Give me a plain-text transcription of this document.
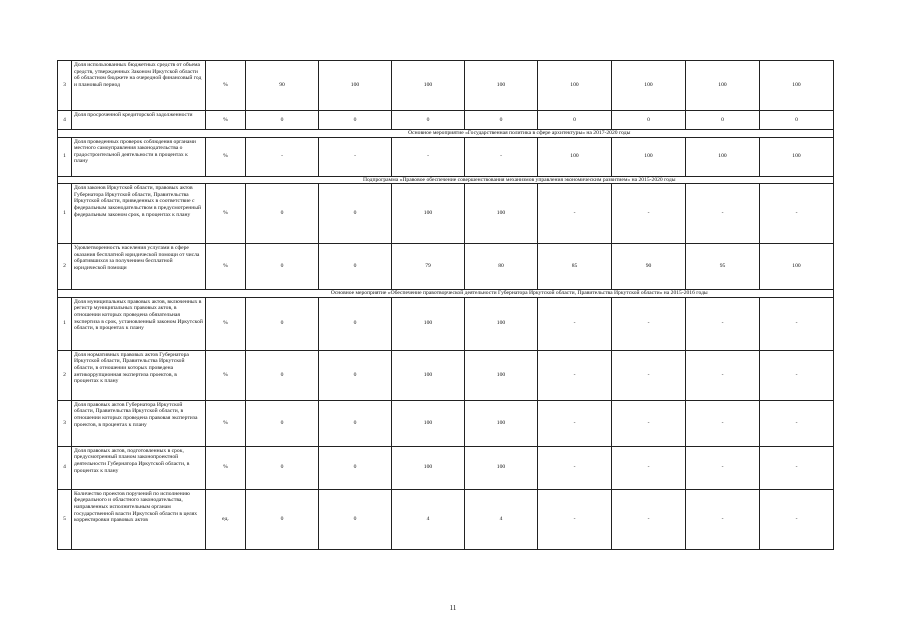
3	Доля использованных бюджетных средств от объема средств, утвержденных Законом Иркутской области об областном бюджете на очередной финансовый год и плановый период	%	90	100	100	100	100	100	100	100
4	Доля просроченной кредиторской задолженности	%	0	0	0	0	0	0	0	0
		Основное мероприятие «Государственная политика в сфере архитектуры» на 2017-2020 годы								
1	Доля проведенных проверок соблюдения органами местного самоуправления законодательства о градостроительной деятельности в процентах к плану	%	-	-	-	-	100	100	100	100
		Подпрограмма «Правовое обеспечение совершенствования механизмов управления экономическим развитием» на 2015-2020 годы								
1	Доля законов Иркутской области, правовых актов Губернатора Иркутской области, Правительства Иркутской области, приведенных в соответствие с федеральным законодательством в предусмотренный федеральным законом срок, в процентах к плану	%	0	0	100	100	-	-	-	-
2	Удовлетворенность населения услугами в сфере оказания бесплатной юридической помощи от числа обратившихся за получением бесплатной юридической помощи	%	0	0	79	80	85	90	95	100
		Основное мероприятие «Обеспечение правотворческой деятельности Губернатора Иркутской области, Правительства Иркутской области» на 2015-2016 годы								
1	Доля муниципальных правовых актов, включенных в регистр муниципальных правовых актов, в отношении которых проведена обязательная экспертиза в срок, установленный законом Иркутской области, в процентах к плану	%	0	0	100	100	-	-	-	-
2	Доля нормативных правовых актов Губернатора Иркутской области, Правительства Иркутской области, в отношении которых проведена антикоррупционная экспертиза проектов, в процентах к плану	%	0	0	100	100	-	-	-	-
3	Доля правовых актов Губернатора Иркутской области, Правительства Иркутской области, в отношении которых проведена правовая экспертиза проектов, в процентах к плану	%	0	0	100	100	-	-	-	-
4	Доля правовых актов, подготовленных в срок, предусмотренный планом законопроектной деятельности Губернатора Иркутской области, в процентах к плану	%	0	0	100	100	-	-	-	-
5	Количество проектов поручений по исполнению федерального и областного законодательства, направленных исполнительным органам государственной власти Иркутской области в целях корректировки правовых актов	ед.	0	0	4	4	-	-	-	-
11
